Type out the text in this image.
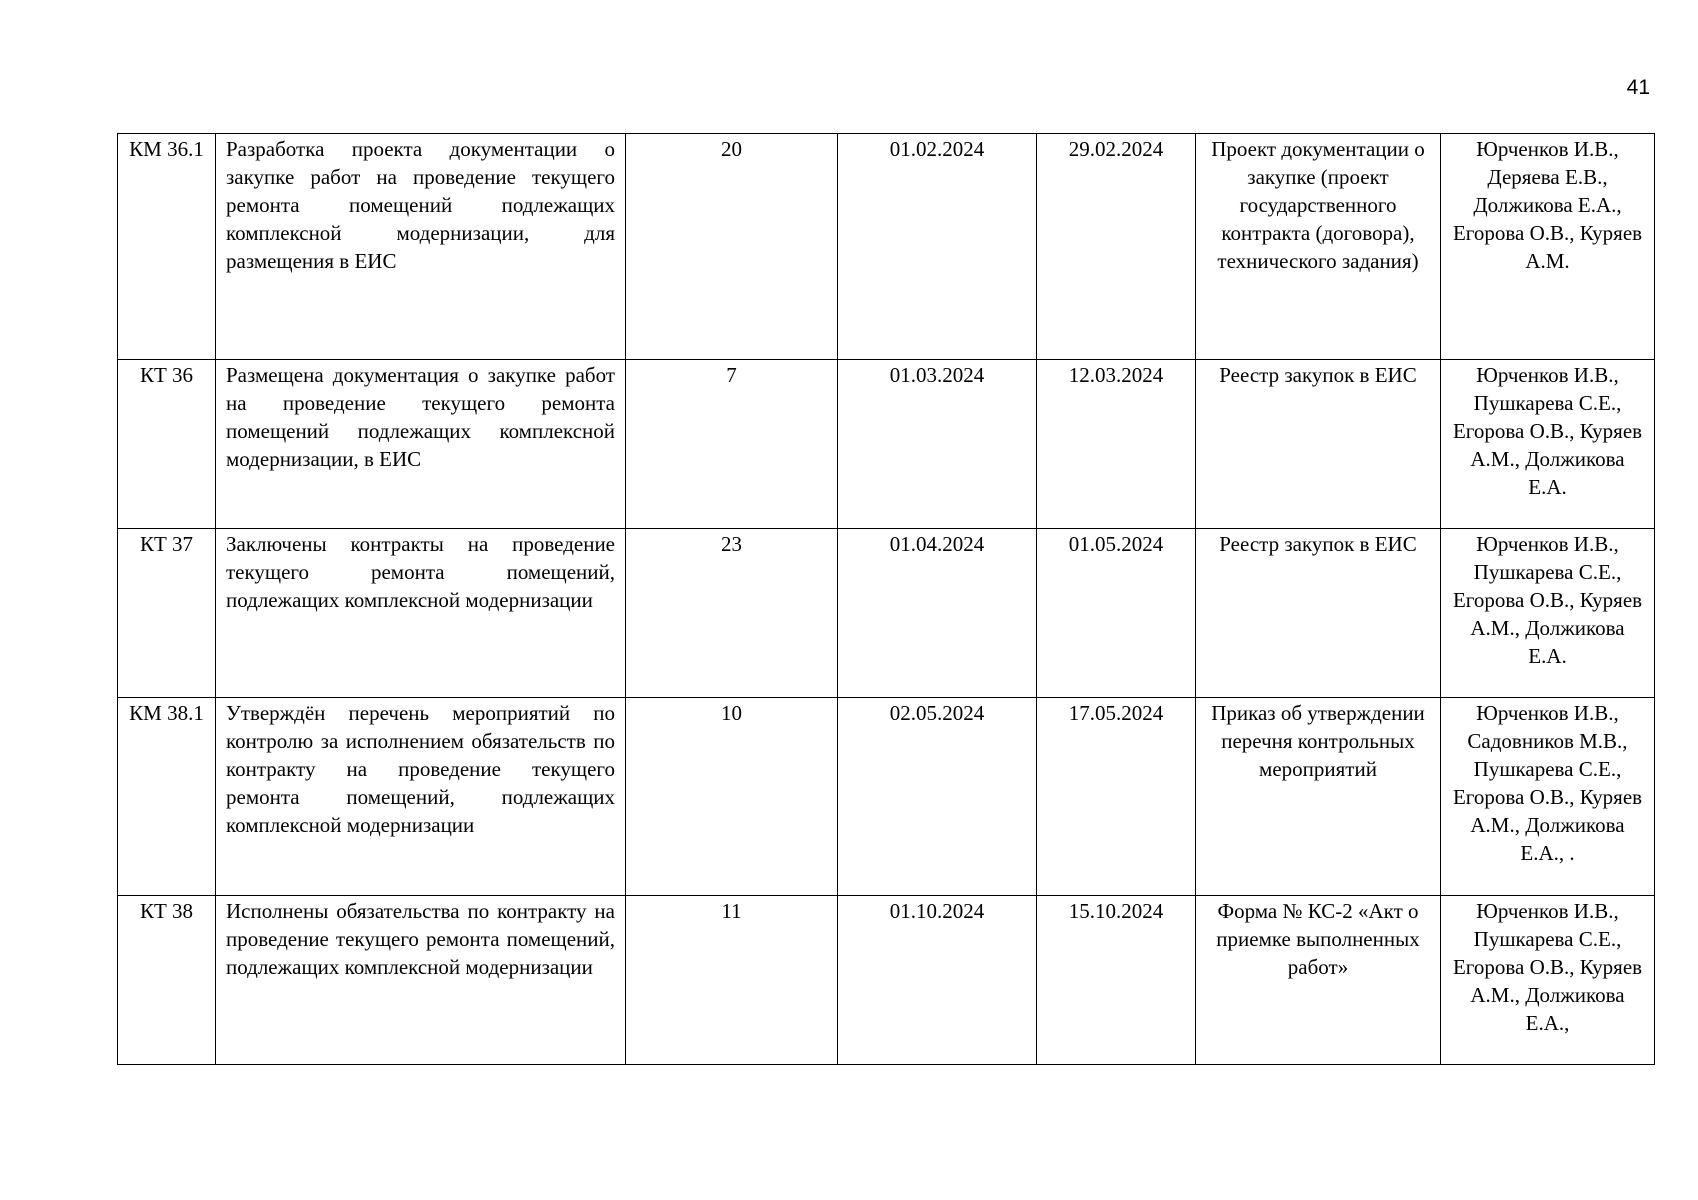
41
КМ 36.1	Разработка проекта документации о закупке работ на проведение текущего ремонта помещений подлежащих комплексной модернизации, для размещения в ЕИС	20	01.02.2024	29.02.2024	Проект документации о закупке (проект государственного контракта (договора), технического задания)	Юрченков И.В., Деряева Е.В., Должикова Е.А., Егорова О.В., Куряев А.М.
КТ 36	Размещена документация о закупке работ на проведение текущего ремонта помещений подлежащих комплексной модернизации, в ЕИС	7	01.03.2024	12.03.2024	Реестр закупок в ЕИС	Юрченков И.В., Пушкарева С.Е., Егорова О.В., Куряев А.М., Должикова Е.А.
КТ 37	Заключены контракты на проведение текущего ремонта помещений, подлежащих комплексной модернизации	23	01.04.2024	01.05.2024	Реестр закупок в ЕИС	Юрченков И.В., Пушкарева С.Е., Егорова О.В., Куряев А.М., Должикова Е.А.
КМ 38.1	Утверждён перечень мероприятий по контролю за исполнением обязательств по контракту на проведение текущего ремонта помещений, подлежащих комплексной модернизации	10	02.05.2024	17.05.2024	Приказ об утверждении перечня контрольных мероприятий	Юрченков И.В., Садовников М.В., Пушкарева С.Е., Егорова О.В., Куряев А.М., Должикова Е.А., .
КТ 38	Исполнены обязательства по контракту на проведение текущего ремонта помещений, подлежащих комплексной модернизации	11	01.10.2024	15.10.2024	Форма № КС-2 «Акт о приемке выполненных работ»	Юрченков И.В., Пушкарева С.Е., Егорова О.В., Куряев А.М., Должикова Е.А.,
